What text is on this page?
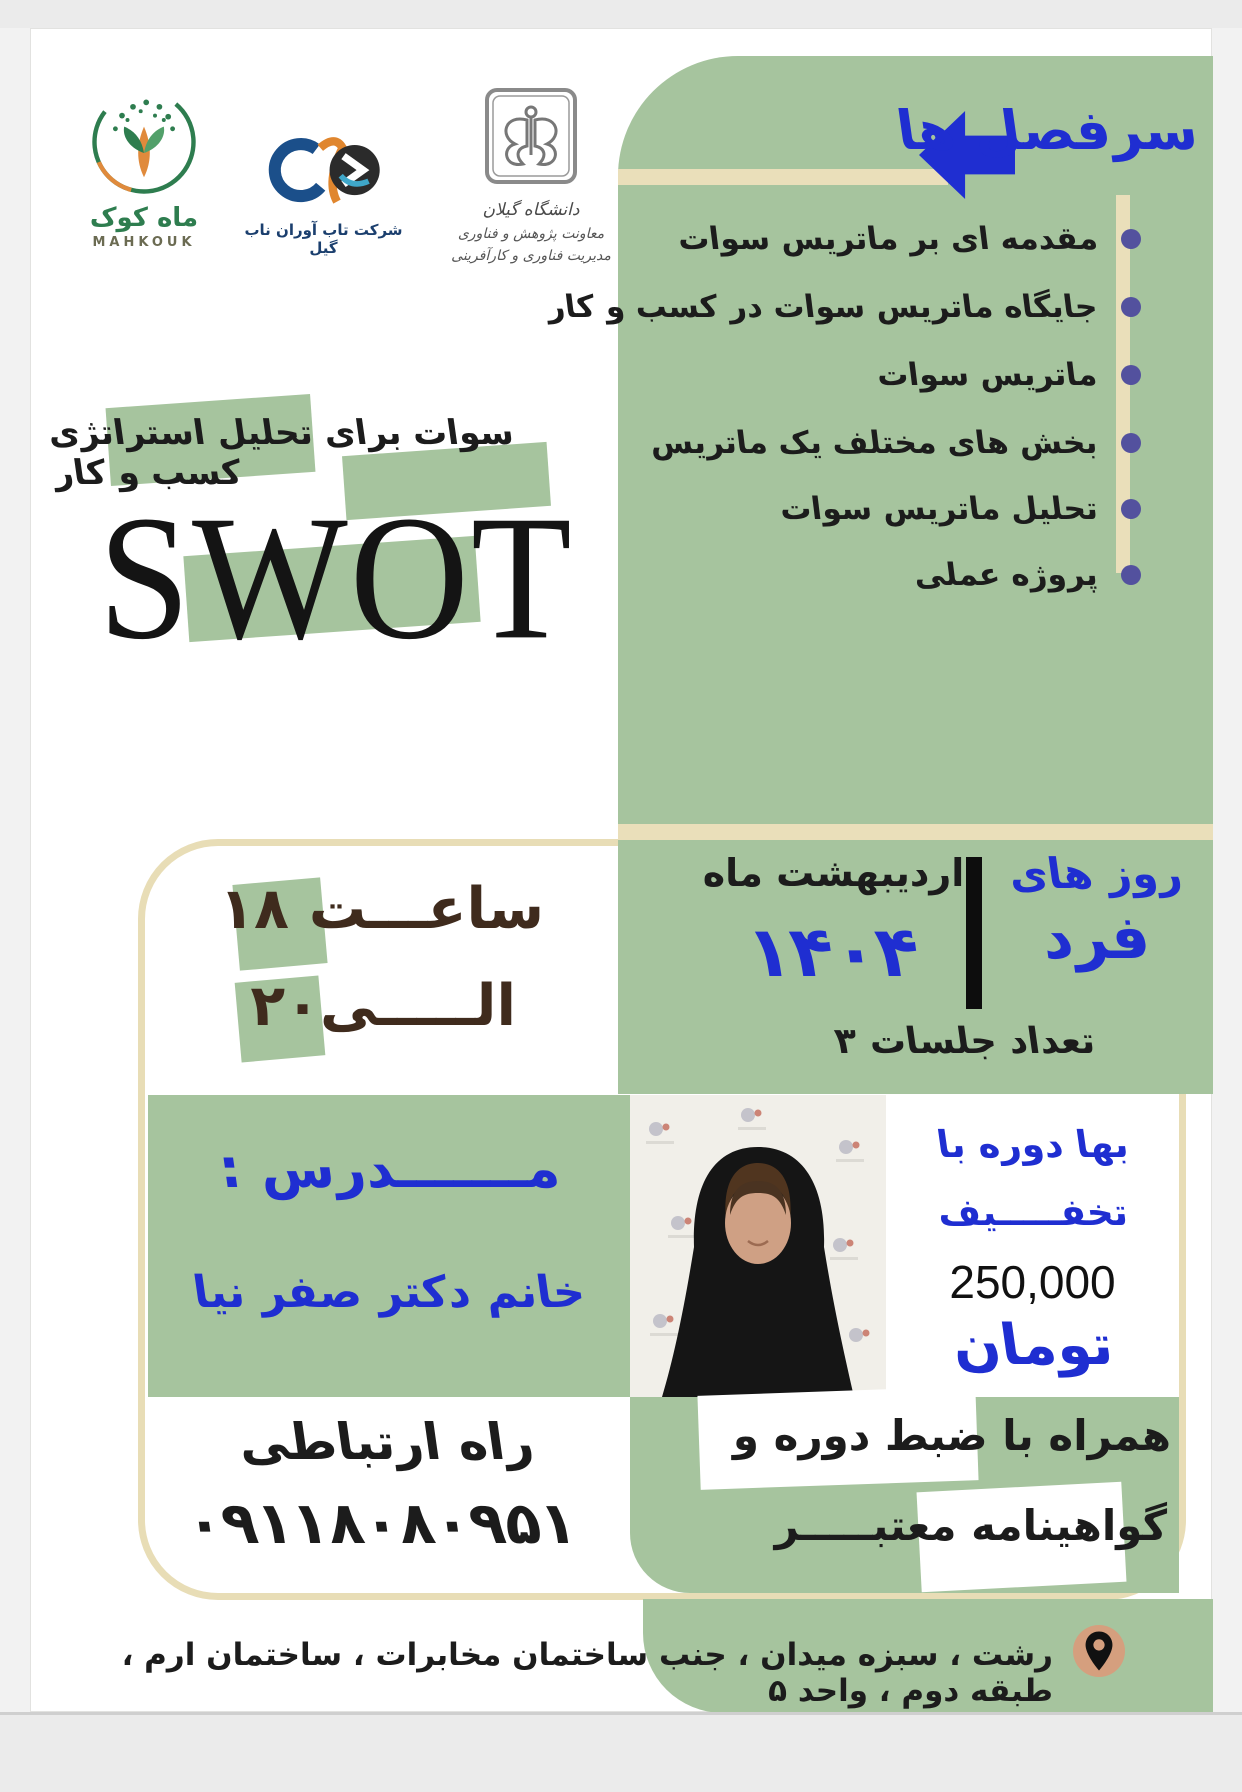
سرفصل ها
مقدمه ای بر ماتریس سوات
جایگاه ماتریس سوات در کسب و کار
ماتریس سوات
بخش های مختلف یک ماتریس
تحلیل ماتریس سوات
پروژه عملی
روز های
فرد
اردیبهشت ماه
۱۴۰۴
تعداد جلسات ۳
ماه کوک
MAHKOUK
شرکت تاب آوران ناب گیل
دانشگاه گیلان
معاونت پژوهش و فناوری
مدیریت فناوری و کارآفرینی
سوات برای تحلیل استراتژی کسب و کار
SWOT
ساعـــت ۱۸
الـــــی۲۰
مـــــــدرس :
خانم دکتر صفر نیا
بها دوره با
تخفـــــیف
250,000
تومان
همراه با ضبط دوره و
گواهینامه معتبـــــر
راه ارتباطی
۰۹۱۱۸۰۸۰۹۵۱
رشت ، سبزه میدان ، جنب ساختمان مخابرات ، ساختمان ارم ، طبقه دوم ، واحد ۵
